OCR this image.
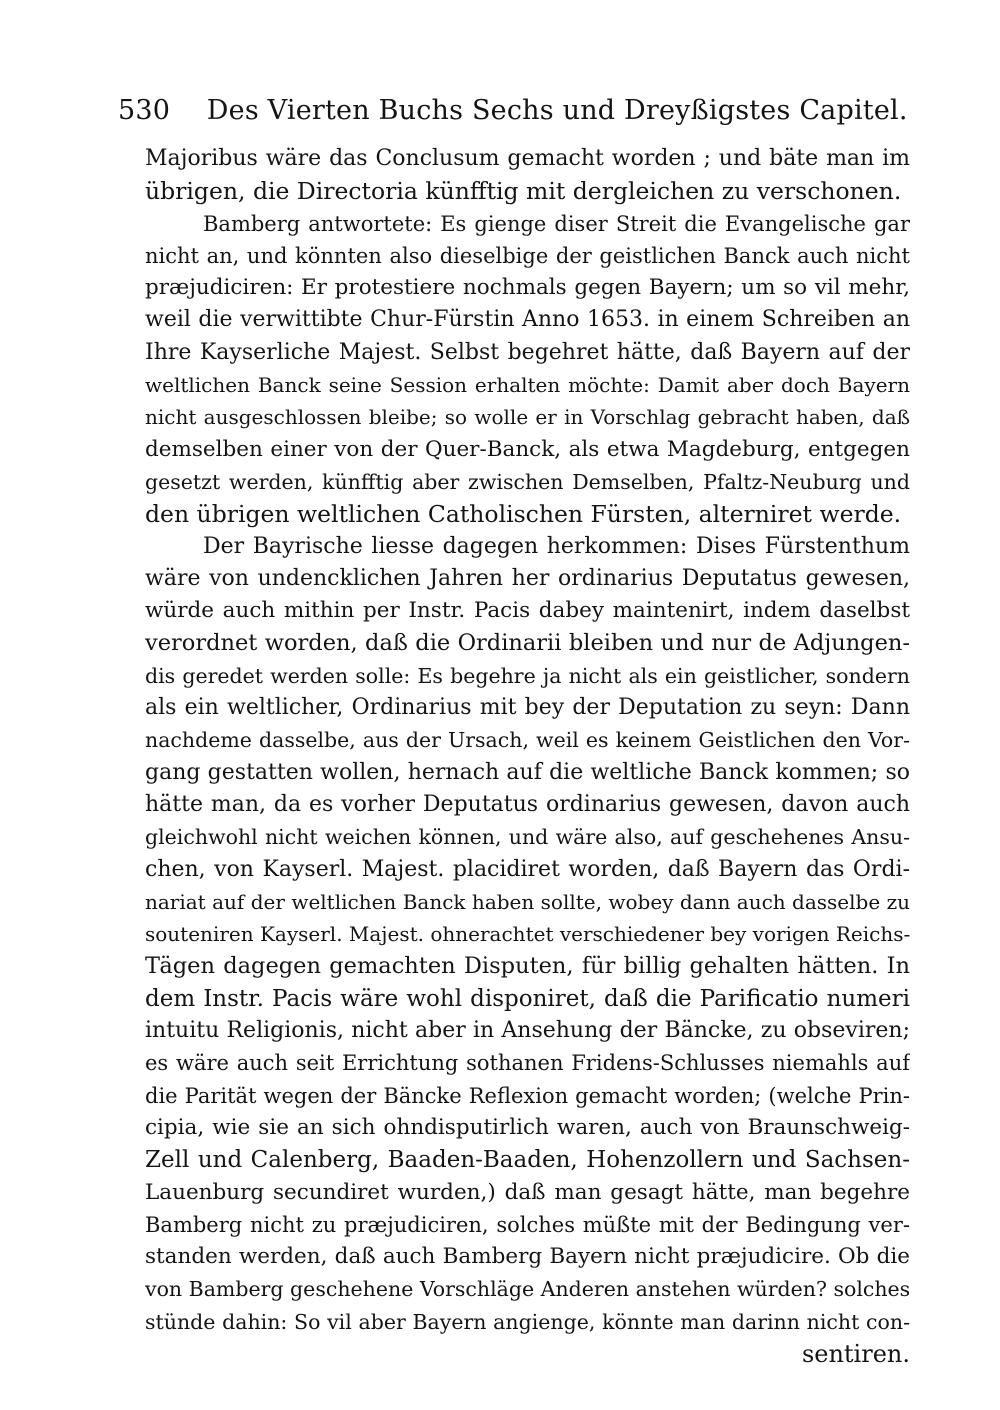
530 Des Vierten Buchs Sechs und Dreyßigstes Capitel.
Majoribus wäre das Conclusum gemacht worden ; und bäte man im
übrigen, die Directoria künfftig mit dergleichen zu verschonen.
Bamberg antwortete: Es gienge diser Streit die Evangelische gar
nicht an, und könnten also dieselbige der geistlichen Banck auch nicht
præjudiciren: Er protestiere nochmals gegen Bayern; um so vil mehr,
weil die verwittibte Chur-Fürstin Anno 1653. in einem Schreiben an
Ihre Kayserliche Majest. Selbst begehret hätte, daß Bayern auf der
weltlichen Banck seine Session erhalten möchte: Damit aber doch Bayern
nicht ausgeschlossen bleibe; so wolle er in Vorschlag gebracht haben, daß
demselben einer von der Quer-Banck, als etwa Magdeburg, entgegen
gesetzt werden, künfftig aber zwischen Demselben, Pfaltz-Neuburg und
den übrigen weltlichen Catholischen Fürsten, alterniret werde.
Der Bayrische liesse dagegen herkommen: Dises Fürstenthum
wäre von undencklichen Jahren her ordinarius Deputatus gewesen,
würde auch mithin per Instr. Pacis dabey maintenirt, indem daselbst
verordnet worden, daß die Ordinarii bleiben und nur de Adjungen-
dis geredet werden solle: Es begehre ja nicht als ein geistlicher, sondern
als ein weltlicher, Ordinarius mit bey der Deputation zu seyn: Dann
nachdeme dasselbe, aus der Ursach, weil es keinem Geistlichen den Vor-
gang gestatten wollen, hernach auf die weltliche Banck kommen; so
hätte man, da es vorher Deputatus ordinarius gewesen, davon auch
gleichwohl nicht weichen können, und wäre also, auf geschehenes Ansu-
chen, von Kayserl. Majest. placidiret worden, daß Bayern das Ordi-
nariat auf der weltlichen Banck haben sollte, wobey dann auch dasselbe zu
souteniren Kayserl. Majest. ohnerachtet verschiedener bey vorigen Reichs-
Tägen dagegen gemachten Disputen, für billig gehalten hätten. In
dem Instr. Pacis wäre wohl disponiret, daß die Parificatio numeri
intuitu Religionis, nicht aber in Ansehung der Bäncke, zu obseviren;
es wäre auch seit Errichtung sothanen Fridens-Schlusses niemahls auf
die Parität wegen der Bäncke Reflexion gemacht worden; (welche Prin-
cipia, wie sie an sich ohndisputirlich waren, auch von Braunschweig-
Zell und Calenberg, Baaden-Baaden, Hohenzollern und Sachsen-
Lauenburg secundiret wurden,) daß man gesagt hätte, man begehre
Bamberg nicht zu præjudiciren, solches müßte mit der Bedingung ver-
standen werden, daß auch Bamberg Bayern nicht præjudicire. Ob die
von Bamberg geschehene Vorschläge Anderen anstehen würden? solches
stünde dahin: So vil aber Bayern angienge, könnte man darinn nicht con-
sentiren.
